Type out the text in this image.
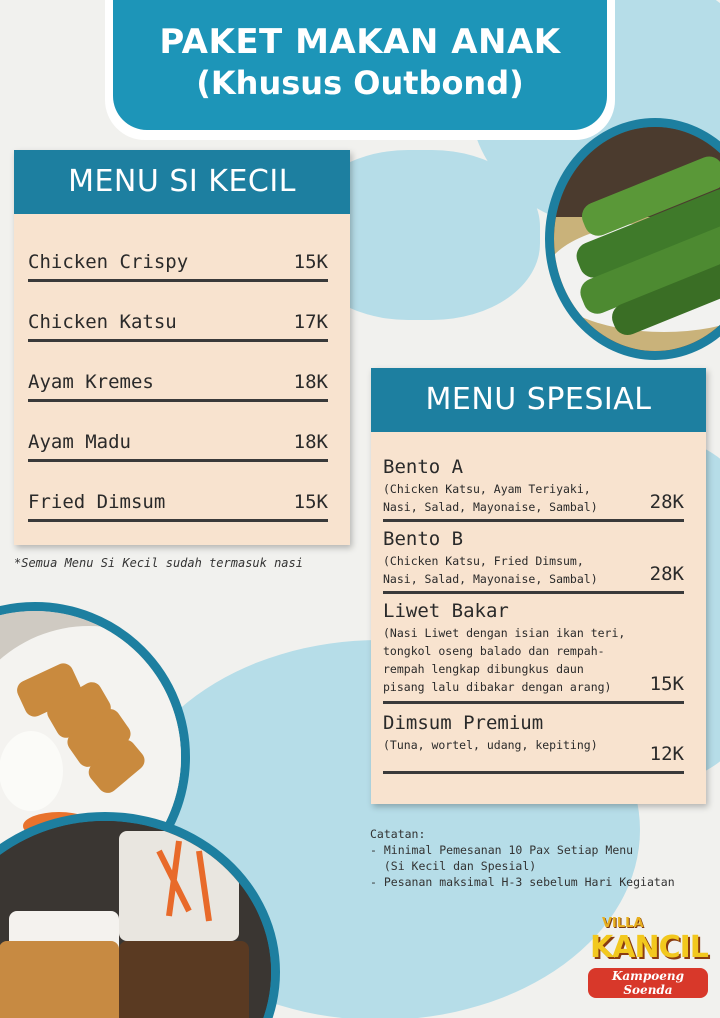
PAKET MAKAN ANAK
(Khusus Outbond)
MENU SI KECIL
Chicken Crispy	15K
Chicken Katsu	17K
Ayam Kremes	18K
Ayam Madu	18K
Fried Dimsum	15K
*Semua Menu Si Kecil sudah termasuk nasi
MENU SPESIAL
Bento A
(Chicken Katsu, Ayam Teriyaki, Nasi, Salad, Mayonaise, Sambal)	28K
Bento B
(Chicken Katsu, Fried Dimsum, Nasi, Salad, Mayonaise, Sambal)	28K
Liwet Bakar
(Nasi Liwet dengan isian ikan teri, tongkol oseng balado dan rempah-rempah lengkap dibungkus daun pisang lalu dibakar dengan arang)	15K
Dimsum Premium
(Tuna, wortel, udang, kepiting)	12K
Catatan:
- Minimal Pemesanan 10 Pax Setiap Menu
(Si Kecil dan Spesial)
- Pesanan maksimal H-3 sebelum Hari Kegiatan
VILLA
KANCIL
Kampoeng Soenda
